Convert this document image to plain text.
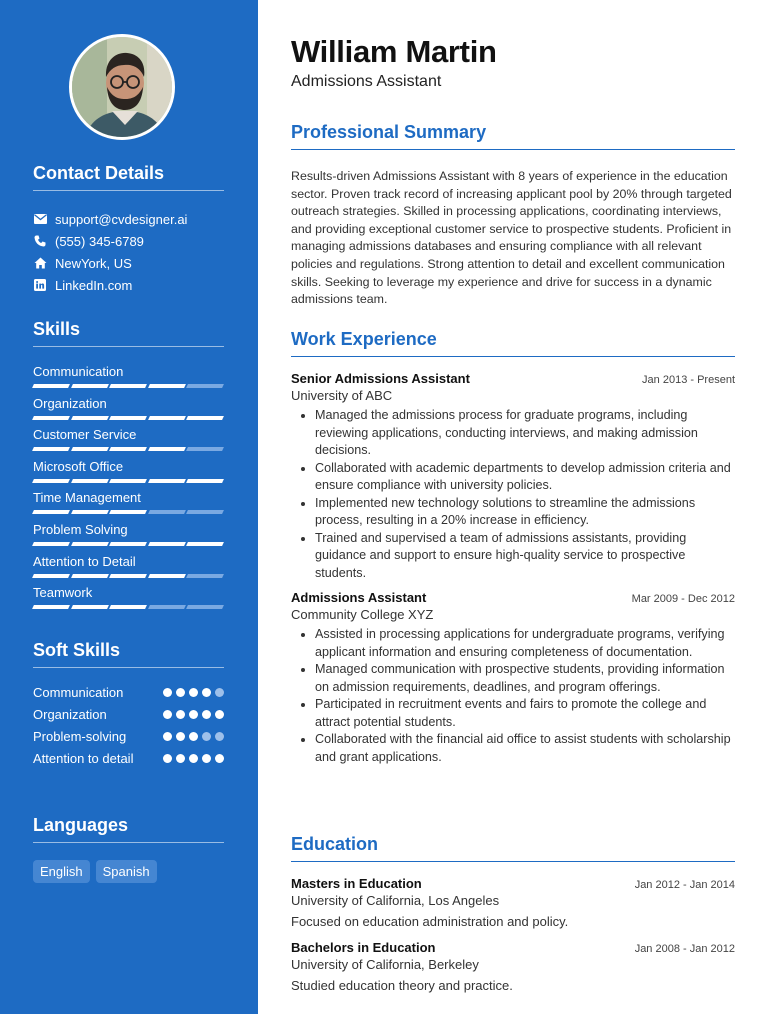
Contact Details
support@cvdesigner.ai
(555) 345-6789
NewYork, US
LinkedIn.com
Skills
Communication
Organization
Customer Service
Microsoft Office
Time Management
Problem Solving
Attention to Detail
Teamwork
Soft Skills
Communication
Organization
Problem-solving
Attention to detail
Languages
English	Spanish
William Martin
Admissions Assistant
Professional Summary

Results-driven Admissions Assistant with 8 years of experience in the education sector. Proven track record of increasing applicant pool by 20% through targeted outreach strategies. Skilled in processing applications, coordinating interviews, and providing exceptional customer service to prospective students. Proficient in managing admissions databases and ensuring compliance with all relevant policies and regulations. Strong attention to detail and excellent communication skills. Seeking to leverage my experience and drive for success in a dynamic admissions team.

Work Experience
Senior Admissions Assistant	Jan 2013 - Present
University of ABC
• Managed the admissions process for graduate programs, including reviewing applications, conducting interviews, and making admission decisions.
• Collaborated with academic departments to develop admission criteria and ensure compliance with university policies.
• Implemented new technology solutions to streamline the admissions process, resulting in a 20% increase in efficiency.
• Trained and supervised a team of admissions assistants, providing guidance and support to ensure high-quality service to prospective students.
Admissions Assistant	Mar 2009 - Dec 2012
Community College XYZ
• Assisted in processing applications for undergraduate programs, verifying applicant information and ensuring completeness of documentation.
• Managed communication with prospective students, providing information on admission requirements, deadlines, and program offerings.
• Participated in recruitment events and fairs to promote the college and attract potential students.
• Collaborated with the financial aid office to assist students with scholarship and grant applications.
Education
Masters in Education	Jan 2012 - Jan 2014
University of California, Los Angeles
Focused on education administration and policy.
Bachelors in Education	Jan 2008 - Jan 2012
University of California, Berkeley
Studied education theory and practice.
